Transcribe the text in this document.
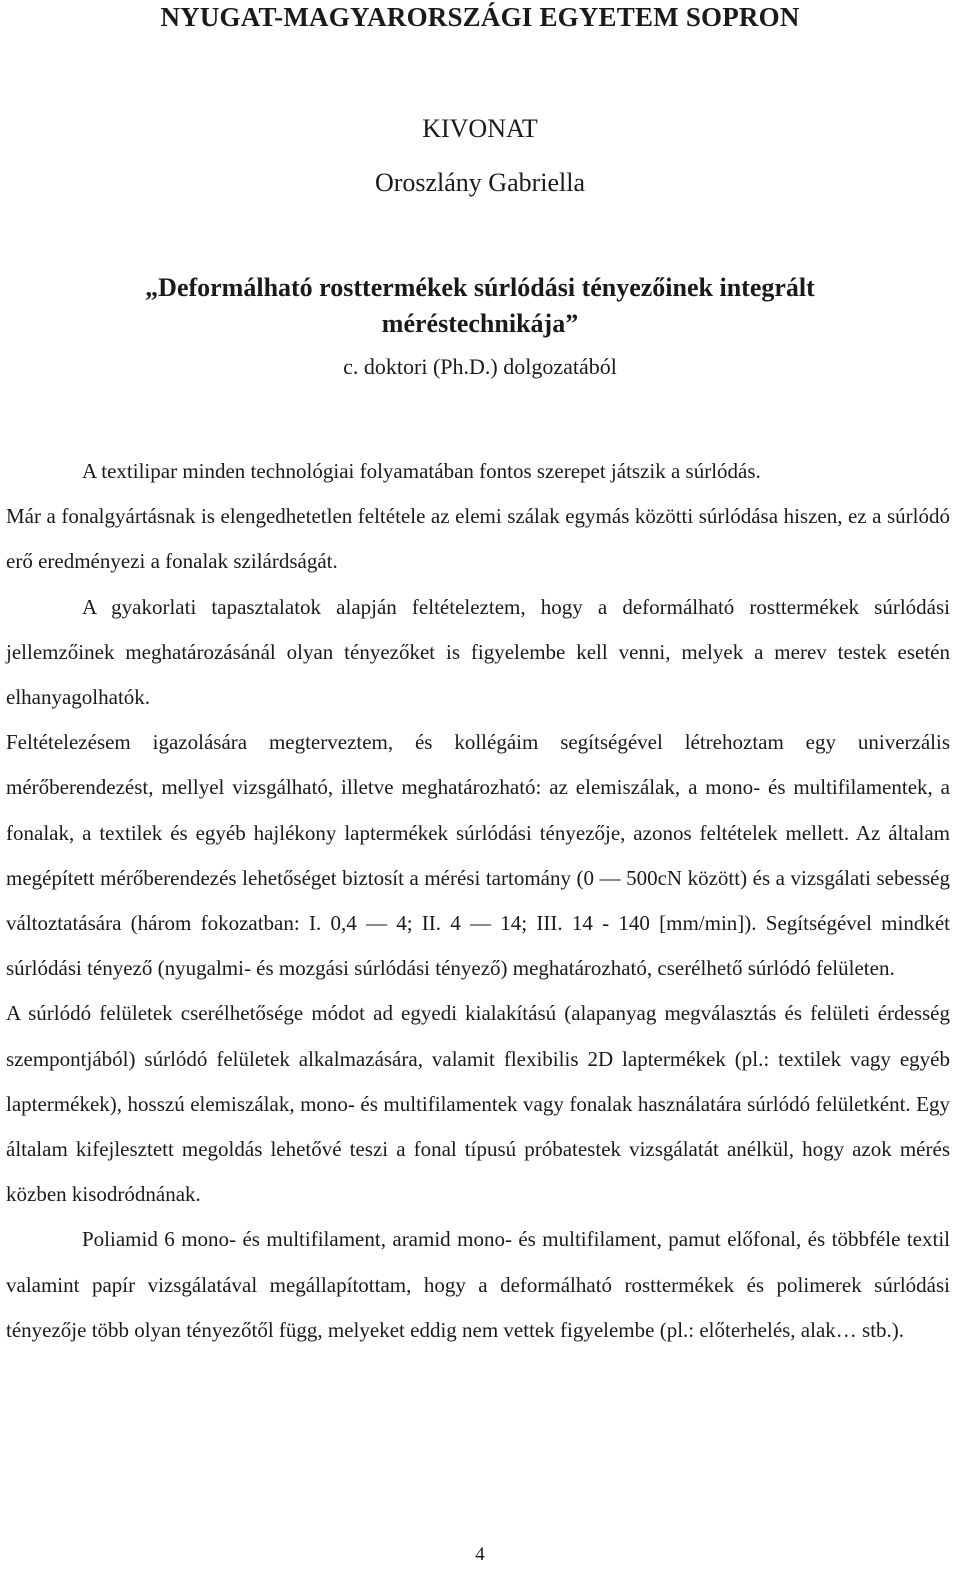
NYUGAT-MAGYARORSZÁGI EGYETEM SOPRON
KIVONAT
Oroszlány Gabriella
„Deformálható rosttermékek súrlódási tényezőinek integrált méréstechnikája”
c. doktori (Ph.D.) dolgozatából

A textilipar minden technológiai folyamatában fontos szerepet játszik a súrlódás.

Már a fonalgyártásnak is elengedhetetlen feltétele az elemi szálak egymás közötti súrlódása hiszen, ez a súrlódó erő eredményezi a fonalak szilárdságát.

A gyakorlati tapasztalatok alapján feltételeztem, hogy a deformálható rosttermékek súrlódási jellemzőinek meghatározásánál olyan tényezőket is figyelembe kell venni, melyek a merev testek esetén elhanyagolhatók.

Feltételezésem igazolására megterveztem, és kollégáim segítségével létrehoztam egy univerzális mérőberendezést, mellyel vizsgálható, illetve meghatározható: az elemiszálak, a mono- és multifilamentek, a fonalak, a textilek és egyéb hajlékony laptermékek súrlódási tényezője, azonos feltételek mellett. Az általam megépített mérőberendezés lehetőséget biztosít a mérési tartomány (0 — 500cN között) és a vizsgálati sebesség változtatására (három fokozatban: I. 0,4 — 4; II. 4 — 14; III. 14 - 140 [mm/min]). Segítségével mindkét súrlódási tényező (nyugalmi- és mozgási súrlódási tényező) meghatározható, cserélhető súrlódó felületen.

A súrlódó felületek cserélhetősége módot ad egyedi kialakítású (alapanyag megválasztás és felületi érdesség szempontjából) súrlódó felületek alkalmazására, valamit flexibilis 2D laptermékek (pl.: textilek vagy egyéb laptermékek), hosszú elemiszálak, mono- és multifilamentek vagy fonalak használatára súrlódó felületként. Egy általam kifejlesztett megoldás lehetővé teszi a fonal típusú próbatestek vizsgálatát anélkül, hogy azok mérés közben kisodródnának.

Poliamid 6 mono- és multifilament, aramid mono- és multifilament, pamut előfonal, és többféle textil valamint papír vizsgálatával megállapítottam, hogy a deformálható rosttermékek és polimerek súrlódási tényezője több olyan tényezőtől függ, melyeket eddig nem vettek figyelembe (pl.: előterhelés, alak… stb.).

4
